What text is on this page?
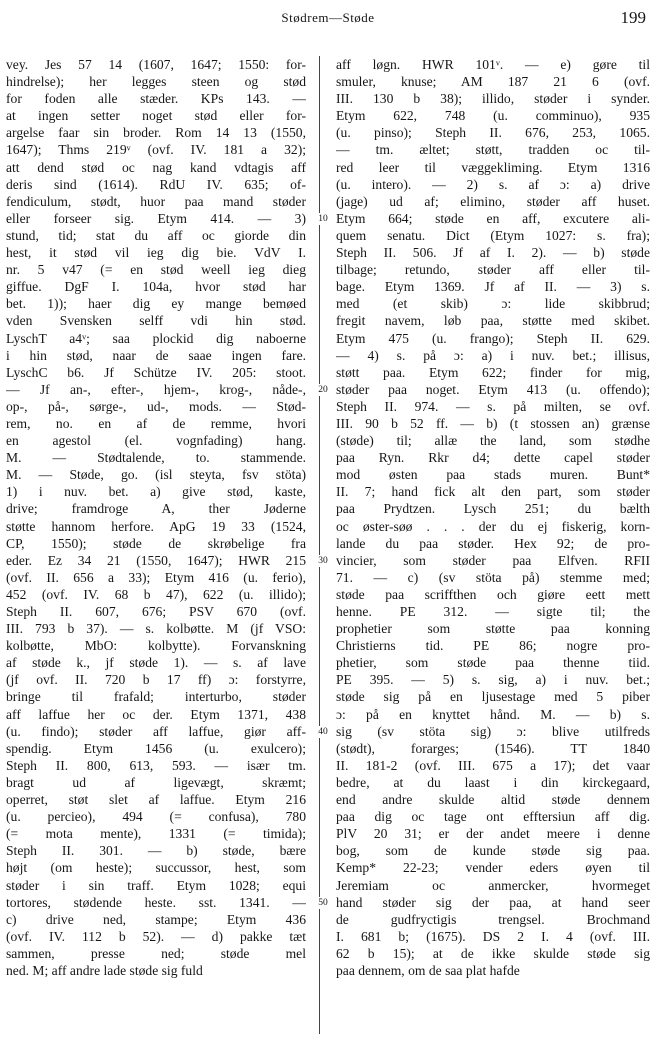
Stødrem—Støde	199
vey. Jes 57 14 (1607, 1647; 1550: for-
hindrelse); her legges steen og stød
for foden alle stæder. KPs 143. —
at ingen setter noget stød eller for-
argelse faar sin broder. Rom 14 13 (1550,
1647); Thms 219ᵛ (ovf. IV. 181 a 32);
att dend stød oc nag kand vdtagis aff
deris sind (1614). RdU IV. 635; of-
fendiculum, stødt, huor paa mand støder
eller forseer sig. Etym 414. — 3)
stund, tid; stat du aff oc giorde din
hest, it stød vil ieg dig bie. VdV I.
nr. 5 v47 (= en stød weell ieg dieg
giffue. DgF I. 104a, hvor stød har
bet. 1)); haer dig ey mange bemøed
vden Svensken selff vdi hin stød.
LyschT a4ᵛ; saa plockid dig naboerne
i hin stød, naar de saae ingen fare.
LyschC b6. Jf Schütze IV. 205: stoot.
— Jf an-, efter-, hjem-, krog-, nåde-,
op-, på-, sørge-, ud-, mods. — Stød-
rem, no. en af de remme, hvori
en agestol (el. vognfading) hang.
M. — Stødtalende, to. stammende.
M. — Støde, go. (isl steyta, fsv stöta)
1) i nuv. bet. a) give stød, kaste,
drive; framdroge A, ther Jøderne
støtte hannom herfore. ApG 19 33 (1524,
CP, 1550); støde de skrøbelige fra
eder. Ez 34 21 (1550, 1647); HWR 215
(ovf. II. 656 a 33); Etym 416 (u. ferio),
452 (ovf. IV. 68 b 47), 622 (u. illido);
Steph II. 607, 676; PSV 670 (ovf.
III. 793 b 37). — s. kolbøtte. M (jf VSO:
kolbøtte, MbO: kolbytte). Forvanskning
af støde k., jf støde 1). — s. af lave
(jf ovf. II. 720 b 17 ff) ɔ: forstyrre,
bringe til frafald; interturbo, støder
aff laffue her oc der. Etym 1371, 438
(u. findo); støder aff laffue, giør aff-
spendig. Etym 1456 (u. exulcero);
Steph II. 800, 613, 593. — især tm.
bragt ud af ligevægt, skræmt;
operret, støt slet af laffue. Etym 216
(u. percieo), 494 (= confusa), 780
(= mota mente), 1331 (= timida);
Steph II. 301. — b) støde, bære
højt (om heste); succussor, hest, som
støder i sin traff. Etym 1028; equi
tortores, stødende heste. sst. 1341. —
c) drive ned, stampe; Etym 436
(ovf. IV. 112 b 52). — d) pakke tæt
sammen, presse ned; støde mel
ned. M; aff andre lade støde sig fuld
aff løgn. HWR 101ᵛ. — e) gøre til
smuler, knuse; AM 187 21 6 (ovf.
III. 130 b 38); illido, støder i synder.
Etym 622, 748 (u. comminuo), 935
(u. pinso); Steph II. 676, 253, 1065.
— tm. æltet; støtt, tradden oc til-
red leer til væggekliming. Etym 1316
(u. intero). — 2) s. af ɔ: a) drive
(jage) ud af; elimino, støder aff huset.
Etym 664; støde en aff, excutere ali-
quem senatu. Dict (Etym 1027: s. fra);
Steph II. 506. Jf af I. 2). — b) støde
tilbage; retundo, støder aff eller til-
bage. Etym 1369. Jf af II. — 3) s.
med (et skib) ɔ: lide skibbrud;
fregit navem, løb paa, støtte med skibet.
Etym 475 (u. frango); Steph II. 629.
— 4) s. på ɔ: a) i nuv. bet.; illisus,
støtt paa. Etym 622; finder for mig,
støder paa noget. Etym 413 (u. offendo);
Steph II. 974. — s. på milten, se ovf.
III. 90 b 52 ff. — b) (t stossen an) grænse
(støde) til; allæ the land, som stødhe
paa Ryn. Rkr d4; dette capel støder
mod østen paa stads muren. Bunt*
II. 7; hand fick alt den part, som støder
paa Prydtzen. Lysch 251; du bælth
oc øster-søø . . . der du ej fiskerig, korn-
lande du paa støder. Hex 92; de pro-
vincier, som støder paa Elfven. RFII
71. — c) (sv stöta på) stemme med;
støde paa scriffthen och giøre eett mett
henne. PE 312. — sigte til; the
prophetier som støtte paa konning
Christierns tid. PE 86; nogre pro-
phetier, som støde paa thenne tiid.
PE 395. — 5) s. sig, a) i nuv. bet.;
støde sig på en ljusestage med 5 piber
ɔ: på en knyttet hånd. M. — b) s.
sig (sv stöta sig) ɔ: blive utilfreds
(stødt), forarges; (1546). TT 1840
II. 181-2 (ovf. III. 675 a 17); det vaar
bedre, at du laast i din kirckegaard,
end andre skulde altid støde dennem
paa dig oc tage ont efftersiun aff dig.
PlV 20 31; er der andet meere i denne
bog, som de kunde støde sig paa.
Kemp* 22-23; vender eders øyen til
Jeremiam oc anmercker, hvormeget
hand støder sig der paa, at hand seer
de gudfryctigis trengsel. Brochmand
I. 681 b; (1675). DS 2 I. 4 (ovf. III.
62 b 15); at de ikke skulde støde sig
paa dennem, om de saa plat hafde
10
20
30
40
50
